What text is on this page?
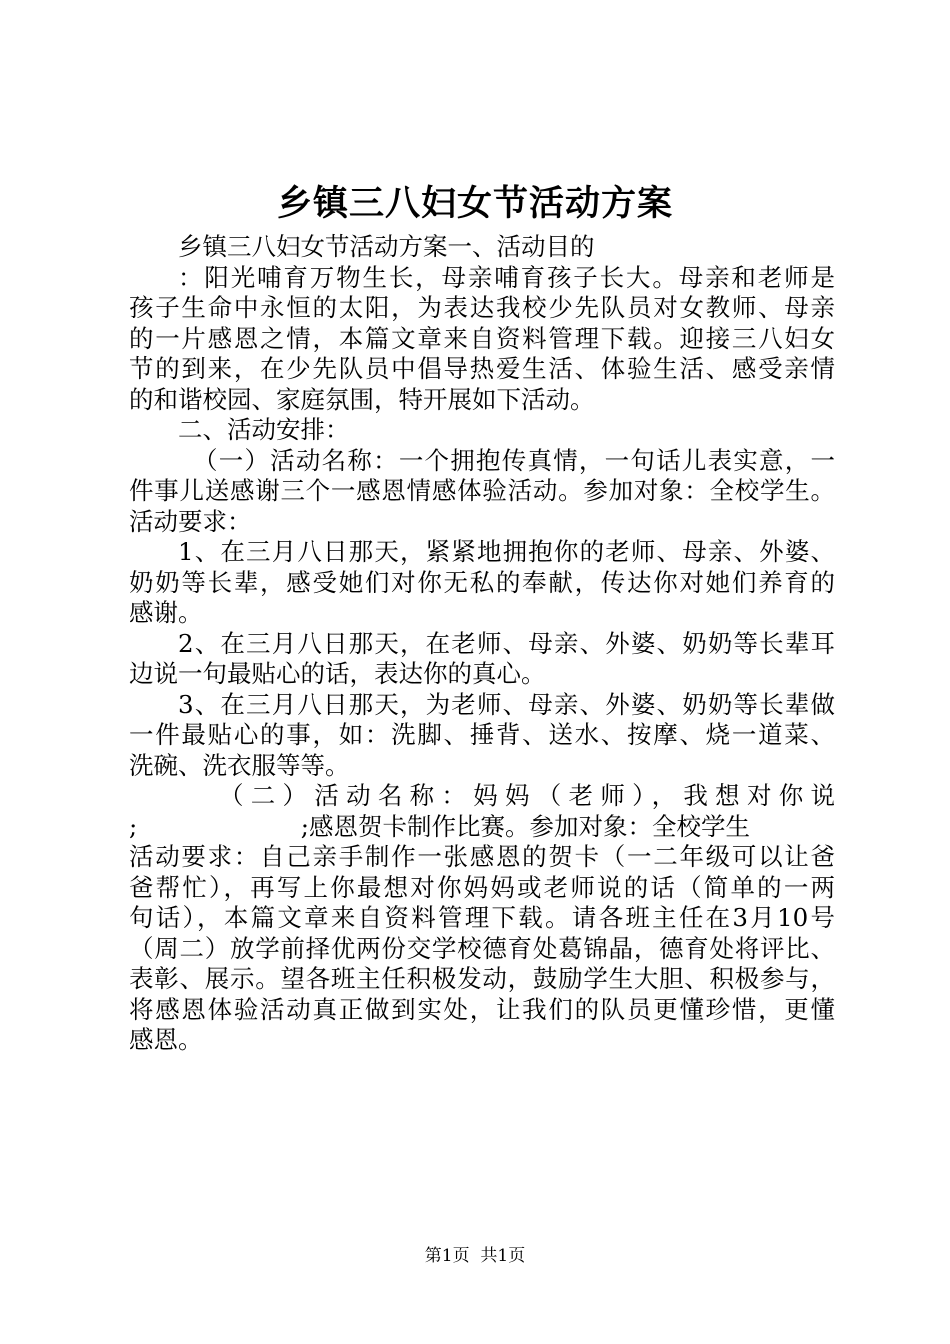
乡镇三八妇女节活动方案
乡镇三八妇女节活动方案一、活动目的
：阳光哺育万物生长，母亲哺育孩子长大。母亲和老师是
孩子生命中永恒的太阳，为表达我校少先队员对女教师、母亲
的一片感恩之情，本篇文章来自资料管理下载。迎接三八妇女
节的到来，在少先队员中倡导热爱生活、体验生活、感受亲情
的和谐校园、家庭氛围，特开展如下活动。
二、活动安排：
（一）活动名称：一个拥抱传真情，一句话儿表实意，一
件事儿送感谢三个一感恩情感体验活动。参加对象：全校学生。
活动要求：
1、在三月八日那天，紧紧地拥抱你的老师、母亲、外婆、
奶奶等长辈，感受她们对你无私的奉献，传达你对她们养育的
感谢。
2、在三月八日那天，在老师、母亲、外婆、奶奶等长辈耳
边说一句最贴心的话，表达你的真心。
3、在三月八日那天，为老师、母亲、外婆、奶奶等长辈做
一件最贴心的事，如：洗脚、捶背、送水、按摩、烧一道菜、
洗碗、洗衣服等等。
（二）活动名称：妈妈（老师），我想对你说
;                     ;感恩贺卡制作比赛。参加对象：全校学生
活动要求：自己亲手制作一张感恩的贺卡（一二年级可以让爸
爸帮忙），再写上你最想对你妈妈或老师说的话（简单的一两
句话），本篇文章来自资料管理下载。请各班主任在3月10号
（周二）放学前择优两份交学校德育处葛锦晶，德育处将评比、
表彰、展示。望各班主任积极发动，鼓励学生大胆、积极参与，
将感恩体验活动真正做到实处，让我们的队员更懂珍惜，更懂
感恩。
第1页  共1页
